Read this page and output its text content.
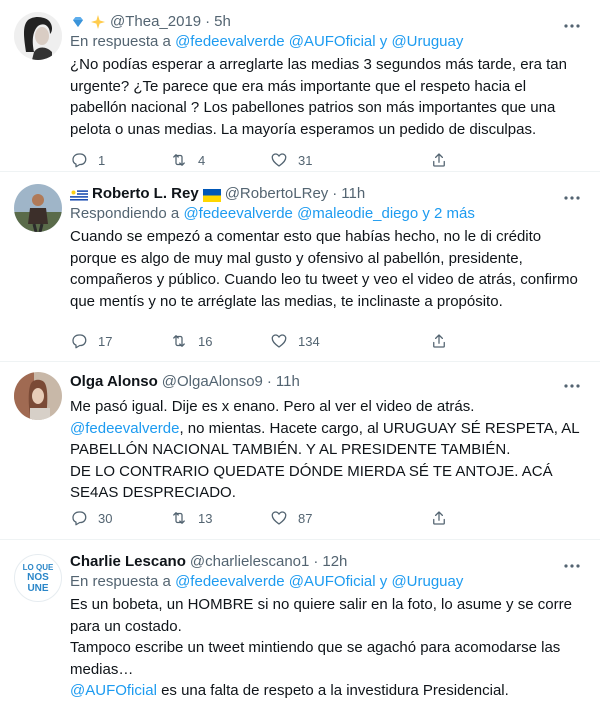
@Thea_2019 · 5h
En respuesta a @fedeevalverde @AUFOficial y @Uruguay

¿No podías esperar a arreglarte las medias 3 segundos más tarde, era tan urgente? ¿Te parece que era más importante que el respeto hacia el pabellón nacional ? Los pabellones patrios son más importantes que una pelota o unas medias. La mayoría esperamos un pedido de disculpas.

1	4	31
Roberto L. Rey @RobertoLRey · 11h
Respondiendo a @fedeevalverde @maleodie_diego y 2 más

Cuando se empezó a comentar esto que habías hecho, no le di crédito porque es algo de muy mal gusto y ofensivo al pabellón, presidente, compañeros y público. Cuando leo tu tweet y veo el video de atrás, confirmo que mentís y no te arréglate las medias, te inclinaste a propósito.

17	16	134
Olga Alonso @OlgaAlonso9 · 11h

Me pasó igual. Dije es x enano. Pero al ver el video de atrás.

@fedeevalverde, no mientas. Hacete cargo, al URUGUAY SÉ RESPETA, AL PABELLÓN NACIONAL TAMBIÉN. Y AL PRESIDENTE TAMBIÉN.

DE LO CONTRARIO QUEDATE DÓNDE MIERDA SÉ TE ANTOJE. ACÁ SE4AS DESPRECIADO.

30	13	87
LO QUE
NOS
UNE
Charlie Lescano @charlielescano1 · 12h
En respuesta a @fedeevalverde @AUFOficial y @Uruguay

Es un bobeta, un HOMBRE si no quiere salir en la foto, lo asume y se corre para un costado.

Tampoco escribe un tweet mintiendo que se agachó para acomodarse las medias…

@AUFOficial es una falta de respeto a la investidura Presidencial.
